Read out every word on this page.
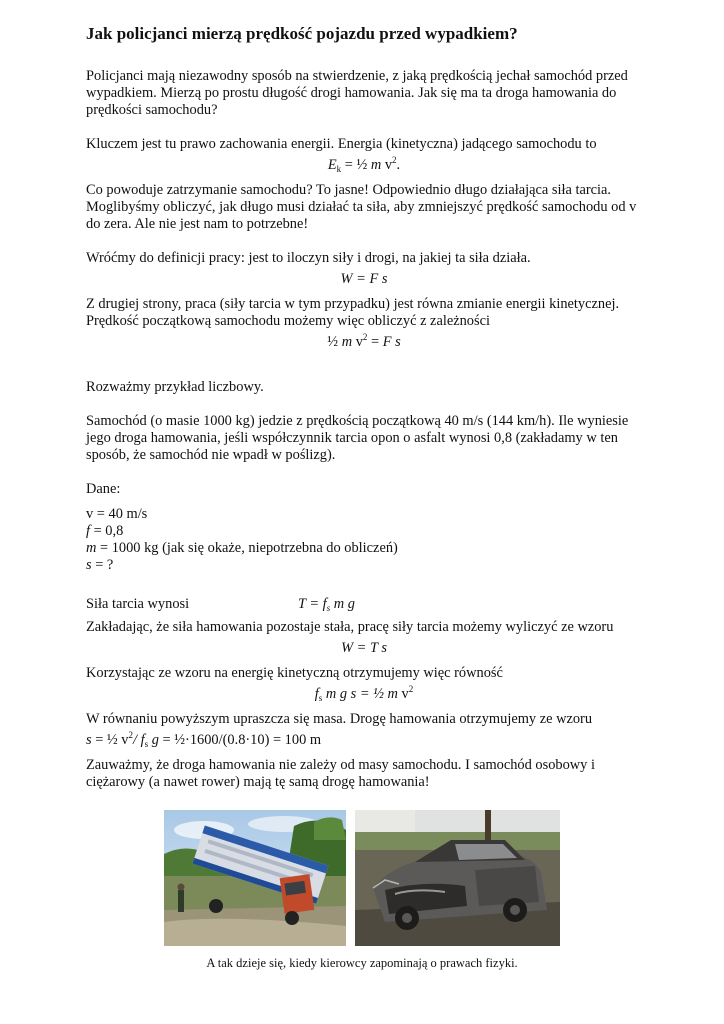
Jak policjanci mierzą prędkość pojazdu przed wypadkiem?

Policjanci mają niezawodny sposób na stwierdzenie, z jaką prędkością jechał samochód przed wypadkiem. Mierzą po prostu długość drogi hamowania. Jak się ma ta droga hamowania do prędkości samochodu?

Kluczem jest tu prawo zachowania energii. Energia (kinetyczna) jadącego samochodu to

$E_k$ = ½ m $v^2$.

Co powoduje zatrzymanie samochodu? To jasne! Odpowiednio długo działająca siła tarcia. Moglibyśmy obliczyć, jak długo musi działać ta siła, aby zmniejszyć prędkość samochodu od v do zera. Ale nie jest nam to potrzebne!

Wróćmy do definicji pracy: jest to iloczyn siły i drogi, na jakiej ta siła działa.

W = F s

Z drugiej strony, praca (siły tarcia w tym przypadku) jest równa zmianie energii kinetycznej. Prędkość początkową samochodu możemy więc obliczyć z zależności

½ m $v^2 = F$ s

Rozważmy przykład liczbowy.

Samochód (o masie 1000 kg) jedzie z prędkością początkową 40 m/s (144 km/h). Ile wyniesie jego droga hamowania, jeśli współczynnik tarcia opon o asfalt wynosi 0,8 (zakładamy w ten sposób, że samochód nie wpadł w poślizg).

Dane:

v = 40 m/s

f = 0,8

m = 1000 kg (jak się okaże, niepotrzebna do obliczeń)

s = ?

Siła tarcia wynosi	$T = f_s$ m g

Zakładając, że siła hamowania pozostaje stała, pracę siły tarcia możemy wyliczyć ze wzoru

W = T s

Korzystając ze wzoru na energię kinetyczną otrzymujemy więc równość

$f_s$ m g s = ½ m $v^2$

W równaniu powyższym upraszcza się masa. Drogę hamowania otrzymujemy ze wzoru

s = ½ $v^2/$ $f_s$ g = ½·1600/(0.8·10) = 100 m

Zauważmy, że droga hamowania nie zależy od masy samochodu. I samochód osobowy i ciężarowy (a nawet rower) mają tę samą drogę hamowania!

A tak dzieje się, kiedy kierowcy zapominają o prawach fizyki.
